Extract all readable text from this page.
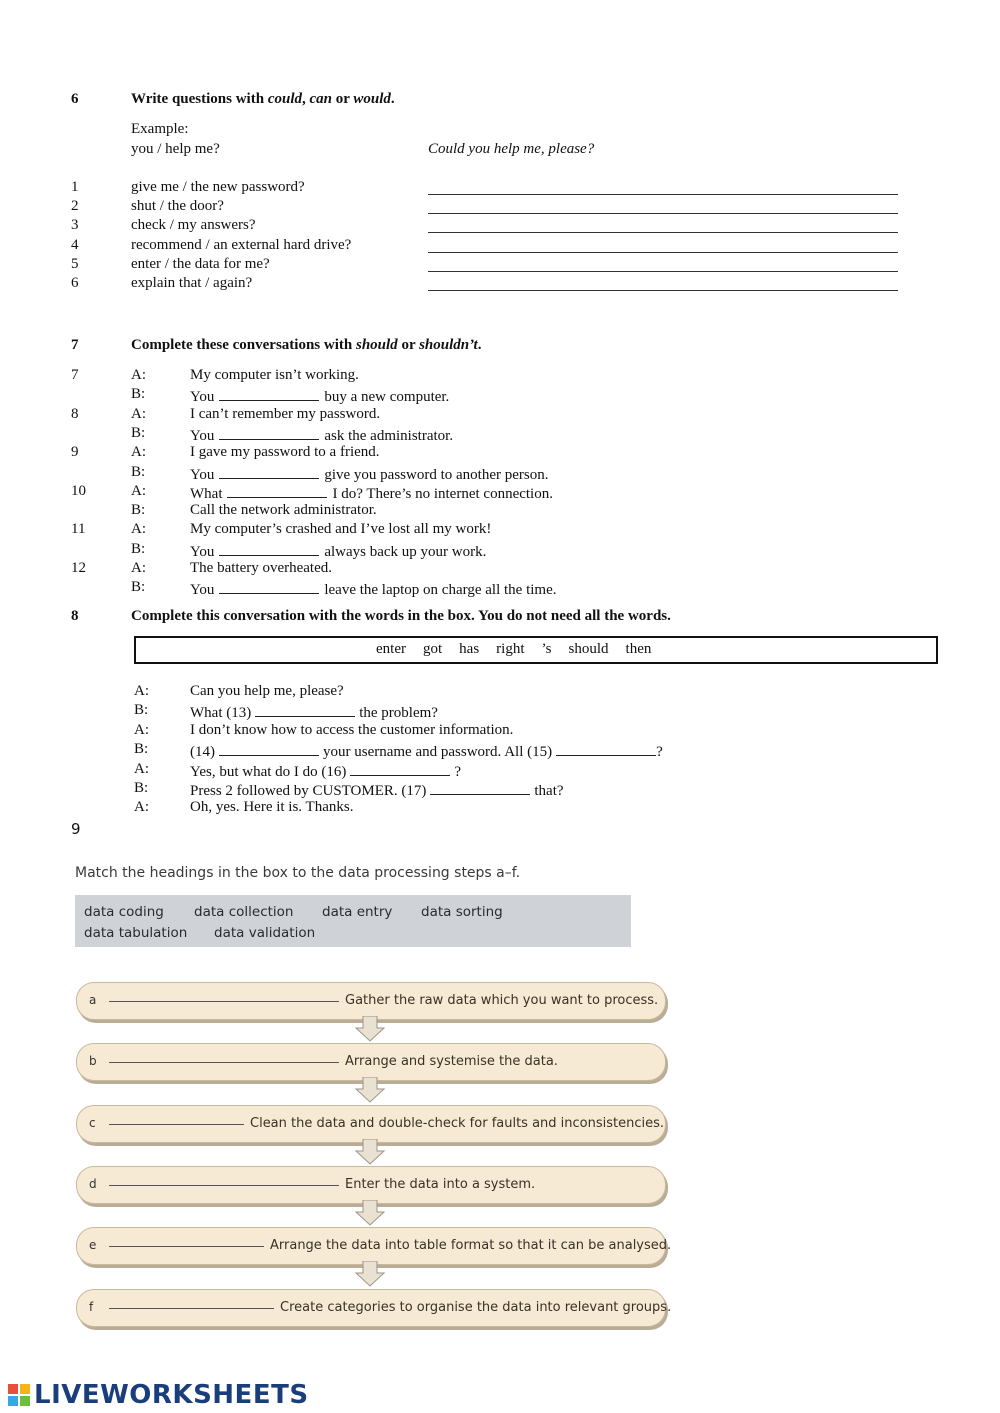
6	Write questions with could, can or would.
Example:
you / help me?	Could you help me, please?
1	give me / the new password?
2	shut / the door?
3	check / my answers?
4	recommend / an external hard drive?
5	enter / the data for me?
6	explain that / again?
7	Complete these conversations with should or shouldn’t.
7	A:	My computer isn’t working.
B:	You	buy a new computer.
8	A:	I can’t remember my password.
B:	You	ask the administrator.
9	A:	I gave my password to a friend.
B:	You	give you password to another person.
10	A:	What	I do? There’s no internet connection.
B:	Call the network administrator.
11	A:	My computer’s crashed and I’ve lost all my work!
B:	You	always back up your work.
12	A:	The battery overheated.
B:	You	leave the laptop on charge all the time.
8	Complete this conversation with the words in the box. You do not need all the words.
enter got has right ’s should then
A:	Can you help me, please?
B:	What (13)	the problem?
A:	I don’t know how to access the customer information.
B:	(14)	your username and password. All (15)	?
A:	Yes, but what do I do (16)	?
B:	Press 2 followed by CUSTOMER. (17)	that?
A:	Oh, yes. Here it is. Thanks.
9
Match the headings in the box to the data processing steps a–f.
data coding data collection data entry data sorting
data tabulation data validation
a	Gather the raw data which you want to process.
b	Arrange and systemise the data.
c	Clean the data and double-check for faults and inconsistencies.
d	Enter the data into a system.
e	Arrange the data into table format so that it can be analysed.
f	Create categories to organise the data into relevant groups.
LIVEWORKSHEETS
